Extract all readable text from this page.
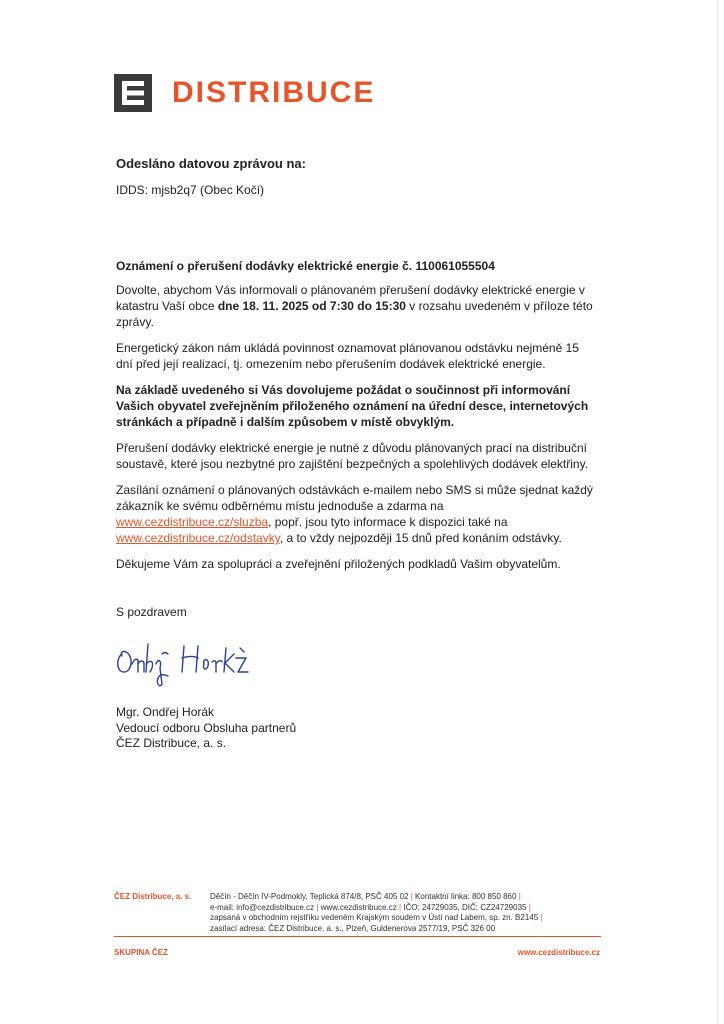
DISTRIBUCE
Odesláno datovou zprávou na:
IDDS: mjsb2q7 (Obec Kočí)
Oznámení o přerušení dodávky elektrické energie č. 110061055504
Dovolte, abychom Vás informovali o plánovaném přerušení dodávky elektrické energie v katastru Vaší obce dne 18. 11. 2025 od 7:30 do 15:30 v rozsahu uvedeném v příloze této zprávy.
Energetický zákon nám ukládá povinnost oznamovat plánovanou odstávku nejméně 15 dní před její realizací, tj. omezením nebo přerušením dodávek elektrické energie.
Na základě uvedeného si Vás dovolujeme požádat o součinnost při informování Vašich obyvatel zveřejněním přiloženého oznámení na úřední desce, internetových stránkách a případně i dalším způsobem v místě obvyklým.
Přerušení dodávky elektrické energie je nutné z důvodu plánovaných prací na distribuční soustavě, které jsou nezbytné pro zajištění bezpečných a spolehlivých dodávek elektřiny.
Zasílání oznámení o plánovaných odstávkách e-mailem nebo SMS si může sjednat každý zákazník ke svému odběrnému místu jednoduše a zdarma na www.cezdistribuce.cz/sluzba, popř. jsou tyto informace k dispozici také na www.cezdistribuce.cz/odstavky, a to vždy nejpozději 15 dnů před konáním odstávky.
Děkujeme Vám za spolupráci a zveřejnění přiložených podkladů Vašim obyvatelům.
S pozdravem
Mgr. Ondřej Horák
Vedoucí odboru Obsluha partnerů
ČEZ Distribuce, a. s.
ČEZ Distribuce, a. s. Děčín - Děčín IV-Podmokly, Teplická 874/8, PSČ 405 02 | Kontaktní linka: 800 850 860 |
e-mail: info@cezdistribuce.cz | www.cezdistribuce.cz | IČO: 24729035, DIČ: CZ24729035 |
zapsaná v obchodním rejstříku vedeném Krajským soudem v Ústí nad Labem, sp. zn. B2145 |
zasílací adresa: ČEZ Distribuce, a. s., Plzeň, Guldenerova 2577/19, PSČ 326 00
SKUPINA ČEZ	www.cezdistribuce.cz
